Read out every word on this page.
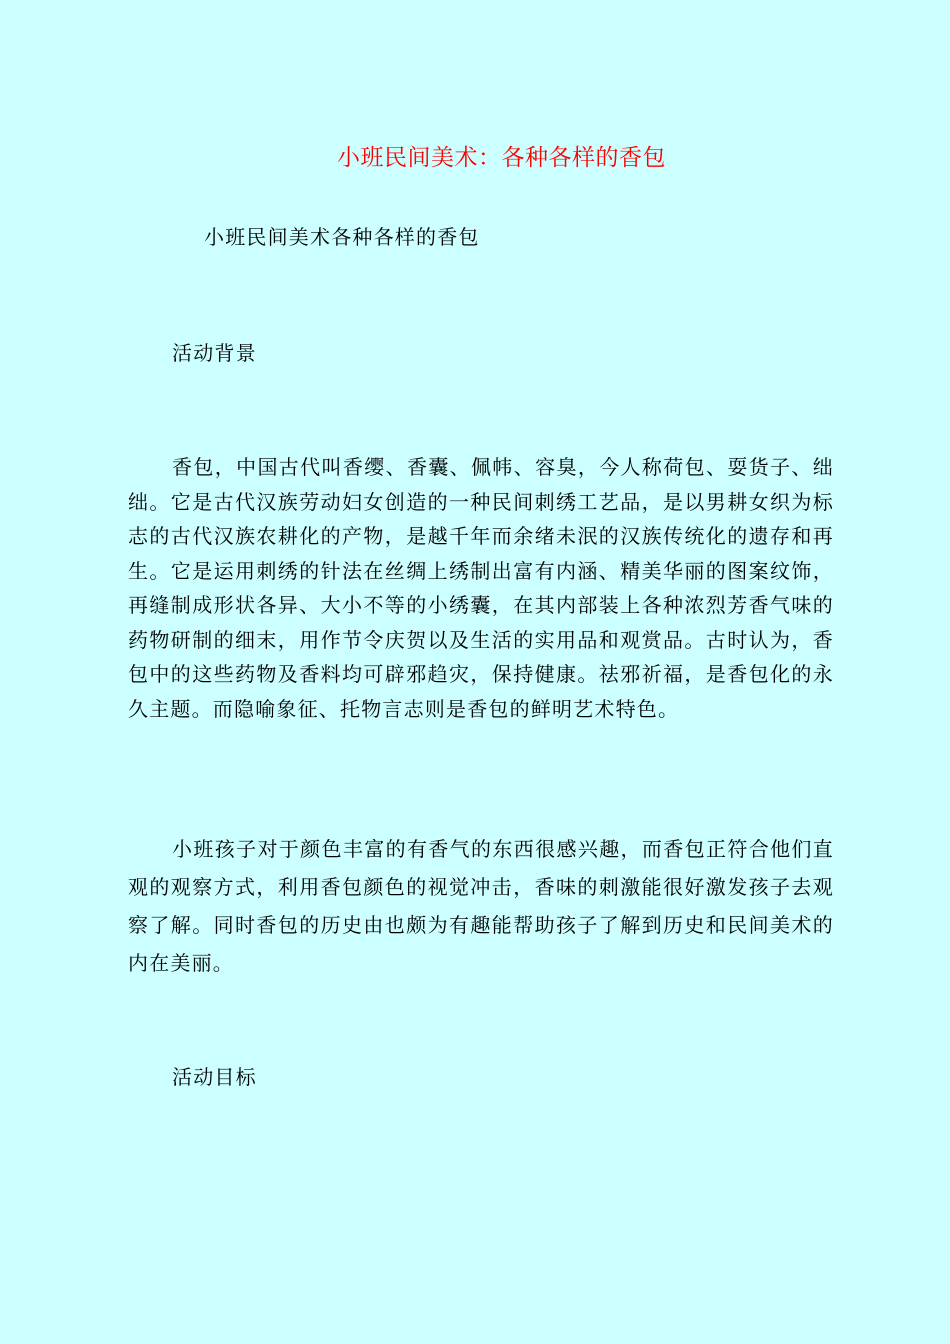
小班民间美术：各种各样的香包
小班民间美术各种各样的香包
活动背景
香包，中国古代叫香缨、香囊、佩帏、容臭，今人称荷包、耍货子、绌绌。它是古代汉族劳动妇女创造的一种民间刺绣工艺品，是以男耕女织为标志的古代汉族农耕化的产物，是越千年而余绪未泯的汉族传统化的遗存和再生。它是运用刺绣的针法在丝绸上绣制出富有内涵、精美华丽的图案纹饰，再缝制成形状各异、大小不等的小绣囊，在其内部装上各种浓烈芳香气味的药物研制的细末，用作节令庆贺以及生活的实用品和观赏品。古时认为，香包中的这些药物及香料均可辟邪趋灾，保持健康。祛邪祈福，是香包化的永久主题。而隐喻象征、托物言志则是香包的鲜明艺术特色。
小班孩子对于颜色丰富的有香气的东西很感兴趣，而香包正符合他们直观的观察方式，利用香包颜色的视觉冲击，香味的刺激能很好激发孩子去观察了解。同时香包的历史由也颇为有趣能帮助孩子了解到历史和民间美术的内在美丽。
活动目标
